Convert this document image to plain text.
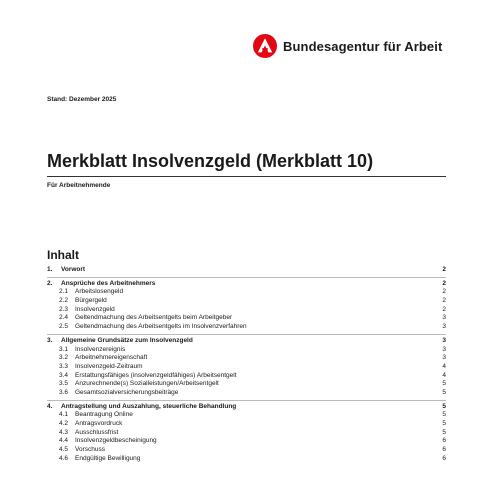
Bundesagentur für Arbeit
Stand: Dezember 2025
Merkblatt Insolvenzgeld (Merkblatt 10)
Für Arbeitnehmende
Inhalt
1.	Vorwort	2
2.	Ansprüche des Arbeitnehmers	2
2.1	Arbeitslosengeld	2
2.2	Bürgergeld	2
2.3	Insolvenzgeld	2
2.4	Geltendmachung des Arbeitsentgelts beim Arbeitgeber	3
2.5	Geltendmachung des Arbeitsentgelts im Insolvenzverfahren	3
3.	Allgemeine Grundsätze zum Insolvenzgeld	3
3.1	Insolvenzereignis	3
3.2	Arbeitnehmereigenschaft	3
3.3	Insolvenzgeld-Zeitraum	4
3.4	Erstattungsfähiges (insolvenzgeldfähiges) Arbeitsentgelt	4
3.5	Anzurechnende(s) Sozialleistungen/Arbeitsentgelt	5
3.6	Gesamtsozialversicherungsbeiträge	5
4.	Antragstellung und Auszahlung, steuerliche Behandlung	5
4.1	Beantragung Online	5
4.2	Antragsvordruck	5
4.3	Ausschlussfrist	5
4.4	Insolvenzgeldbescheinigung	6
4.5	Vorschuss	6
4.6	Endgültige Bewilligung	6
